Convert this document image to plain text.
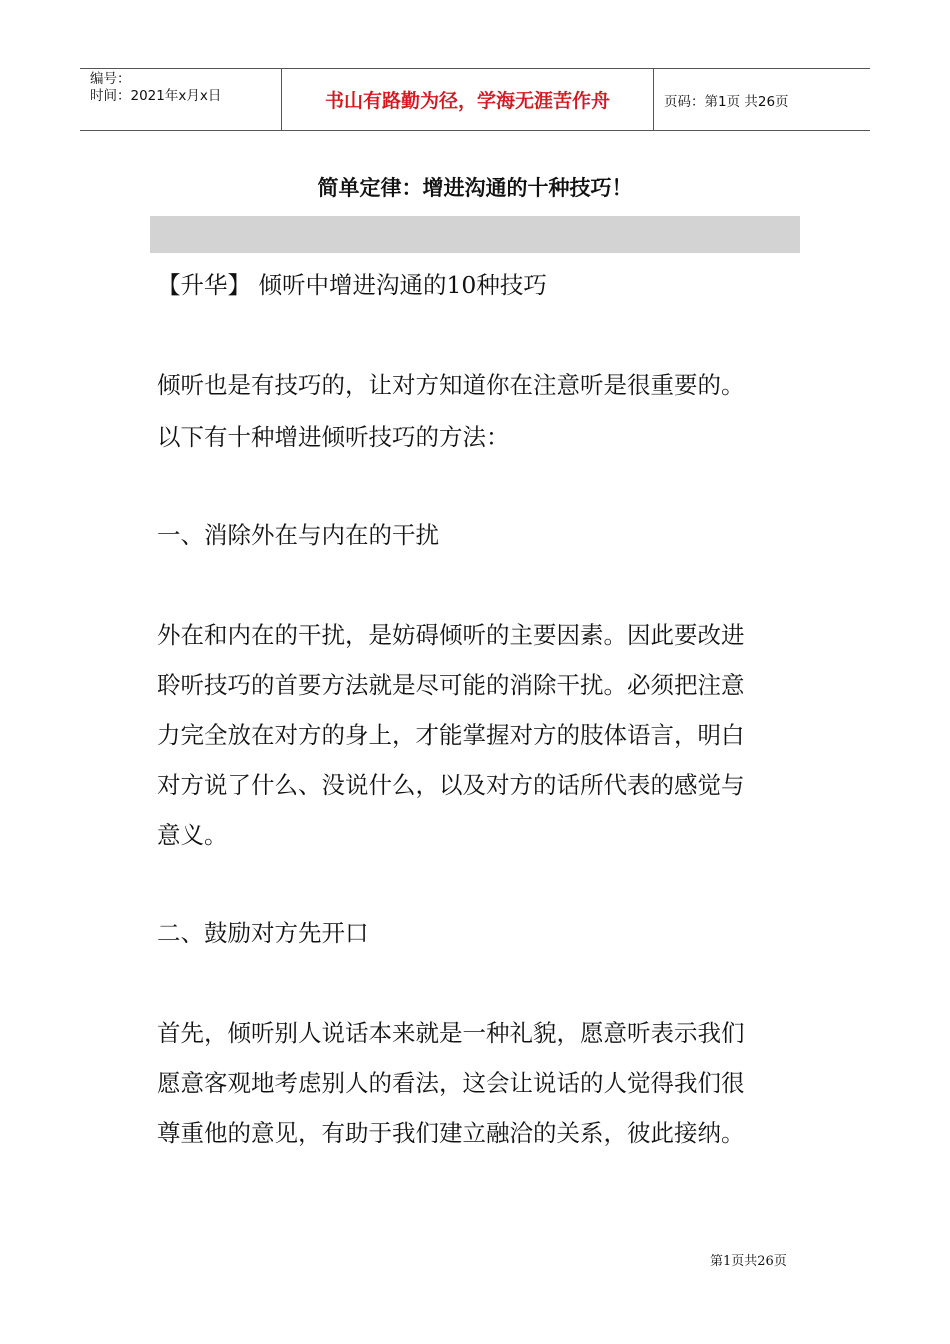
编号：
时间：2021年x月x日	书山有路勤为径，学海无涯苦作舟	页码：第1页 共26页
简单定律：增进沟通的十种技巧！
【升华】 倾听中增进沟通的10种技巧
倾听也是有技巧的，让对方知道你在注意听是很重要的。
以下有十种增进倾听技巧的方法：
一、消除外在与内在的干扰
外在和内在的干扰，是妨碍倾听的主要因素。因此要改进
聆听技巧的首要方法就是尽可能的消除干扰。必须把注意
力完全放在对方的身上，才能掌握对方的肢体语言，明白
对方说了什么、没说什么，以及对方的话所代表的感觉与
意义。
二、鼓励对方先开口
首先，倾听别人说话本来就是一种礼貌，愿意听表示我们
愿意客观地考虑别人的看法，这会让说话的人觉得我们很
尊重他的意见，有助于我们建立融洽的关系，彼此接纳。
第1页共26页
